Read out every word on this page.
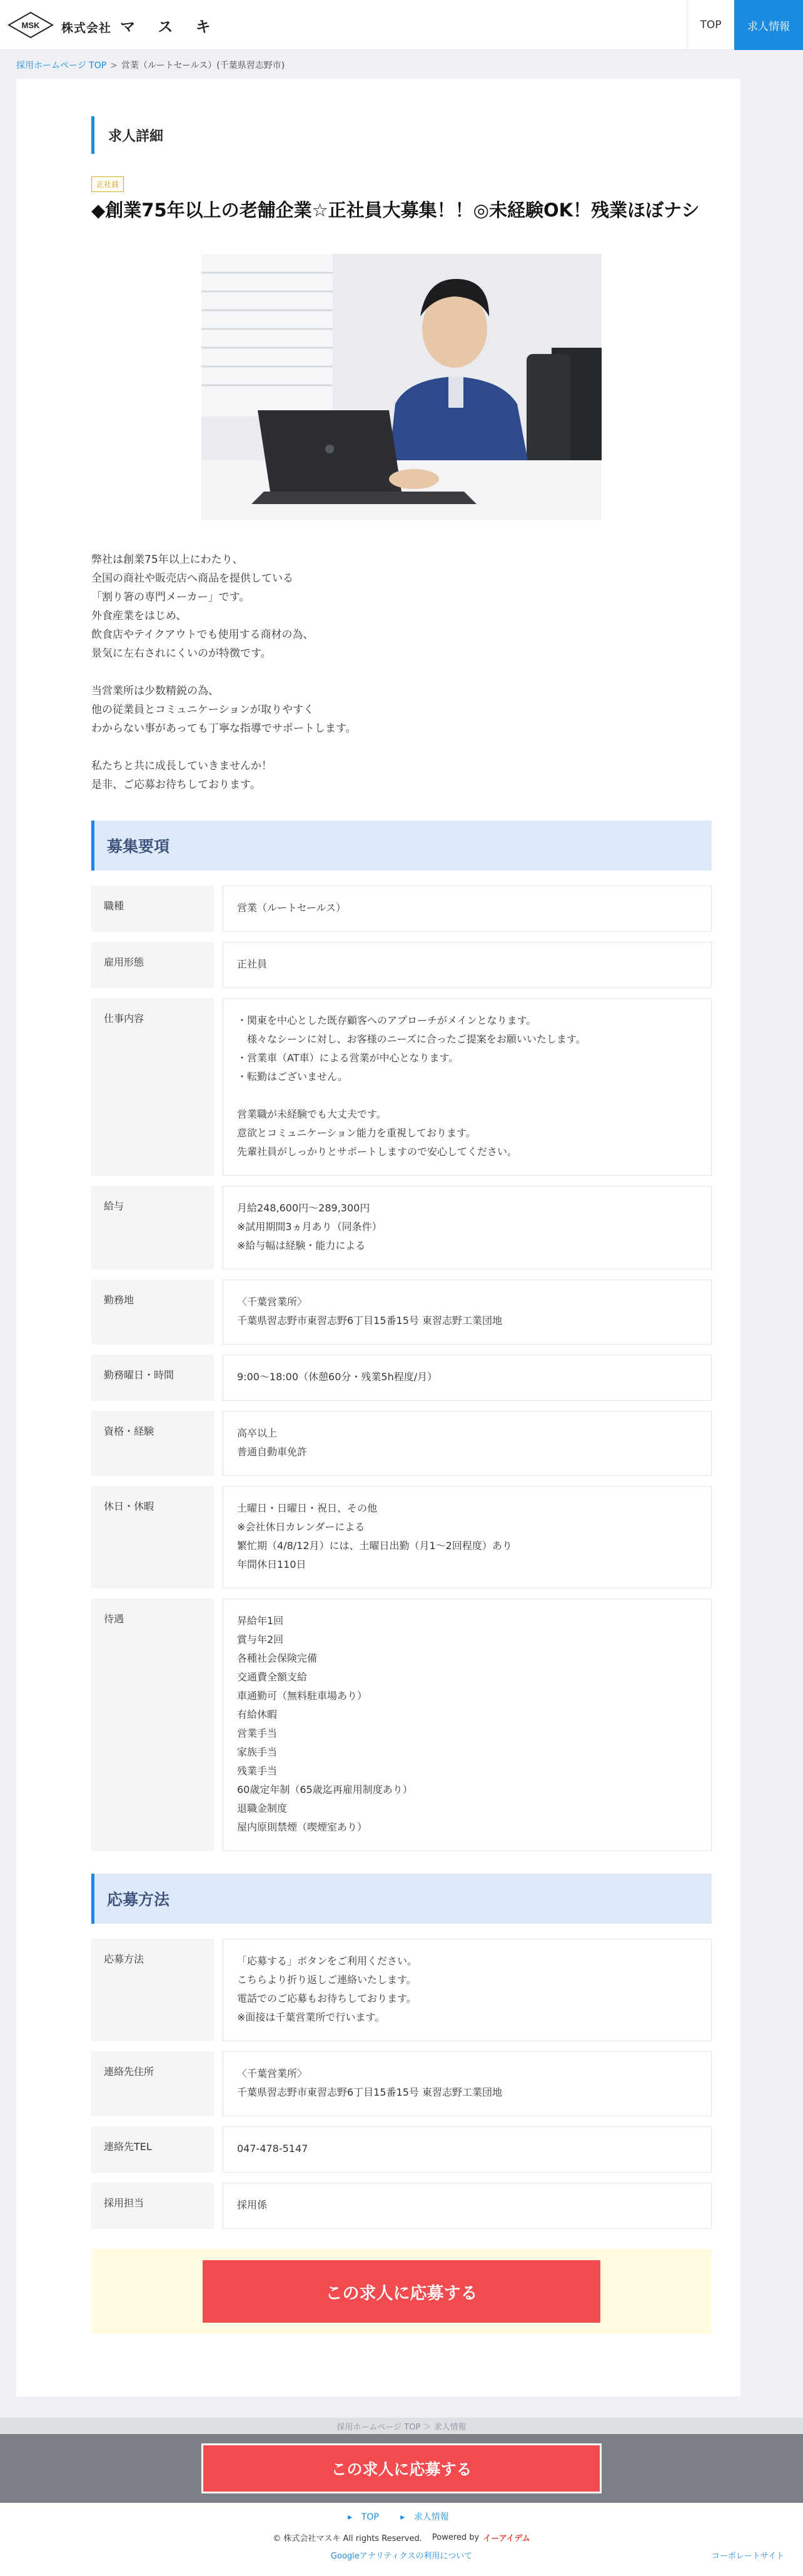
MSK 株式会社 マ ス キ	TOP	求人情報
採用ホームページ TOP > 営業（ルートセールス）(千葉県習志野市)
求人詳細
正社員
◆創業75年以上の老舗企業☆正社員大募集！！◎未経験OK！残業ほぼナシ
弊社は創業75年以上にわたり、
全国の商社や販売店へ商品を提供している
「割り箸の専門メーカー」です。
外食産業をはじめ、
飲食店やテイクアウトでも使用する商材の為、
景気に左右されにくいのが特徴です。

当営業所は少数精鋭の為、
他の従業員とコミュニケーションが取りやすく
わからない事があっても丁寧な指導でサポートします。

私たちと共に成長していきませんか！
是非、ご応募お待ちしております。
募集要項
職種	営業（ルートセールス）
雇用形態	正社員
仕事内容	・関東を中心とした既存顧客へのアプローチがメインとなります。
　様々なシーンに対し、お客様のニーズに合ったご提案をお願いいたします。
・営業車（AT車）による営業が中心となります。
・転勤はございません。

営業職が未経験でも大丈夫です。
意欲とコミュニケーション能力を重視しております。
先輩社員がしっかりとサポートしますので安心してください。
給与	月給248,600円〜289,300円
※試用期間3ヵ月あり（同条件）
※給与幅は経験・能力による
勤務地	〈千葉営業所〉
千葉県習志野市東習志野6丁目15番15号 東習志野工業団地
勤務曜日・時間	9:00〜18:00（休憩60分・残業5h程度/月）
資格・経験	高卒以上
普通自動車免許
休日・休暇	土曜日・日曜日・祝日、その他
※会社休日カレンダーによる
繁忙期（4/8/12月）には、土曜日出勤（月1〜2回程度）あり
年間休日110日
待遇	昇給年1回
賞与年2回
各種社会保険完備
交通費全額支給
車通勤可（無料駐車場あり）
有給休暇
営業手当
家族手当
残業手当
60歳定年制（65歳迄再雇用制度あり）
退職金制度
屋内原則禁煙（喫煙室あり）
応募方法
応募方法	「応募する」ボタンをご利用ください。
こちらより折り返しご連絡いたします。
電話でのご応募もお待ちしております。
※面接は千葉営業所で行います。
連絡先住所	〈千葉営業所〉
千葉県習志野市東習志野6丁目15番15号 東習志野工業団地
連絡先TEL	047-478-5147
採用担当	採用係
この求人に応募する
採用ホームページ TOP ＞ 求人情報
この求人に応募する
▸ TOP ▸ 求人情報
© 株式会社マスキ All rights Reserved. Powered by イーアイデム
Googleアナリティクスの利用について	コーポレートサイト
